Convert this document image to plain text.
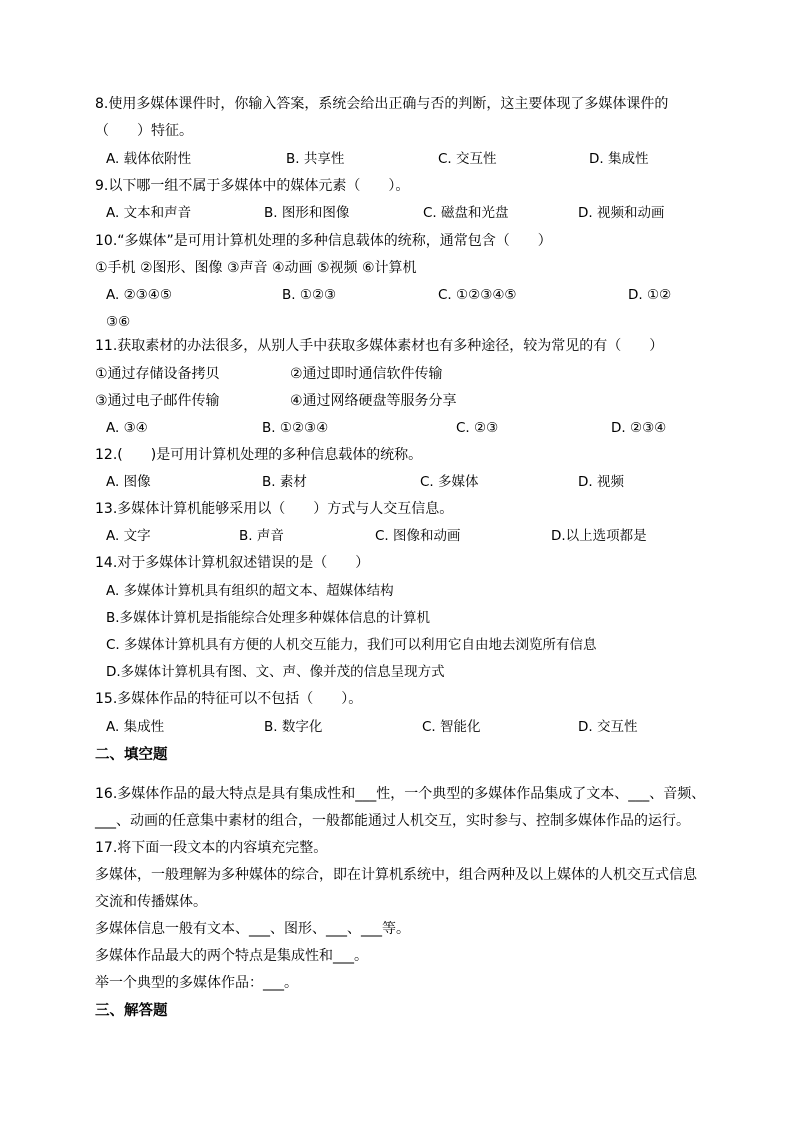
8.使用多媒体课件时，你输入答案，系统会给出正确与否的判断，这主要体现了多媒体课件的
（　　）特征。
A. 载体依附性	B. 共享性	C. 交互性	D. 集成性
9.以下哪一组不属于多媒体中的媒体元素（　　）。
A. 文本和声音	B. 图形和图像	C. 磁盘和光盘	D. 视频和动画
10.“多媒体”是可用计算机处理的多种信息载体的统称，通常包含（　　）
①手机 ②图形、图像 ③声音 ④动画 ⑤视频 ⑥计算机
A. ②③④⑤	B. ①②③	C. ①②③④⑤	D. ①②
③⑥
11.获取素材的办法很多，从别人手中获取多媒体素材也有多种途径，较为常见的有（　　）
①通过存储设备拷贝	②通过即时通信软件传输
③通过电子邮件传输	④通过网络硬盘等服务分享
A. ③④	B. ①②③④	C. ②③	D. ②③④
12.(　　)是可用计算机处理的多种信息载体的统称。
A. 图像	B. 素材	C. 多媒体	D. 视频
13.多媒体计算机能够采用以（　　）方式与人交互信息。
A. 文字	B. 声音	C. 图像和动画	D.以上选项都是
14.对于多媒体计算机叙述错误的是（　　）
A. 多媒体计算机具有组织的超文本、超媒体结构
B.多媒体计算机是指能综合处理多种媒体信息的计算机
C. 多媒体计算机具有方便的人机交互能力，我们可以利用它自由地去浏览所有信息
D.多媒体计算机具有图、文、声、像并茂的信息呈现方式
15.多媒体作品的特征可以不包括（　　）。
A. 集成性	B. 数字化	C. 智能化	D. 交互性
二、填空题
16.多媒体作品的最大特点是具有集成性和___性，一个典型的多媒体作品集成了文本、___、音频、
___、动画的任意集中素材的组合，一般都能通过人机交互，实时参与、控制多媒体作品的运行。
17.将下面一段文本的内容填充完整。
多媒体，一般理解为多种媒体的综合，即在计算机系统中，组合两种及以上媒体的人机交互式信息
交流和传播媒体。
多媒体信息一般有文本、___、图形、___、___等。
多媒体作品最大的两个特点是集成性和___。
举一个典型的多媒体作品：___。
三、解答题
